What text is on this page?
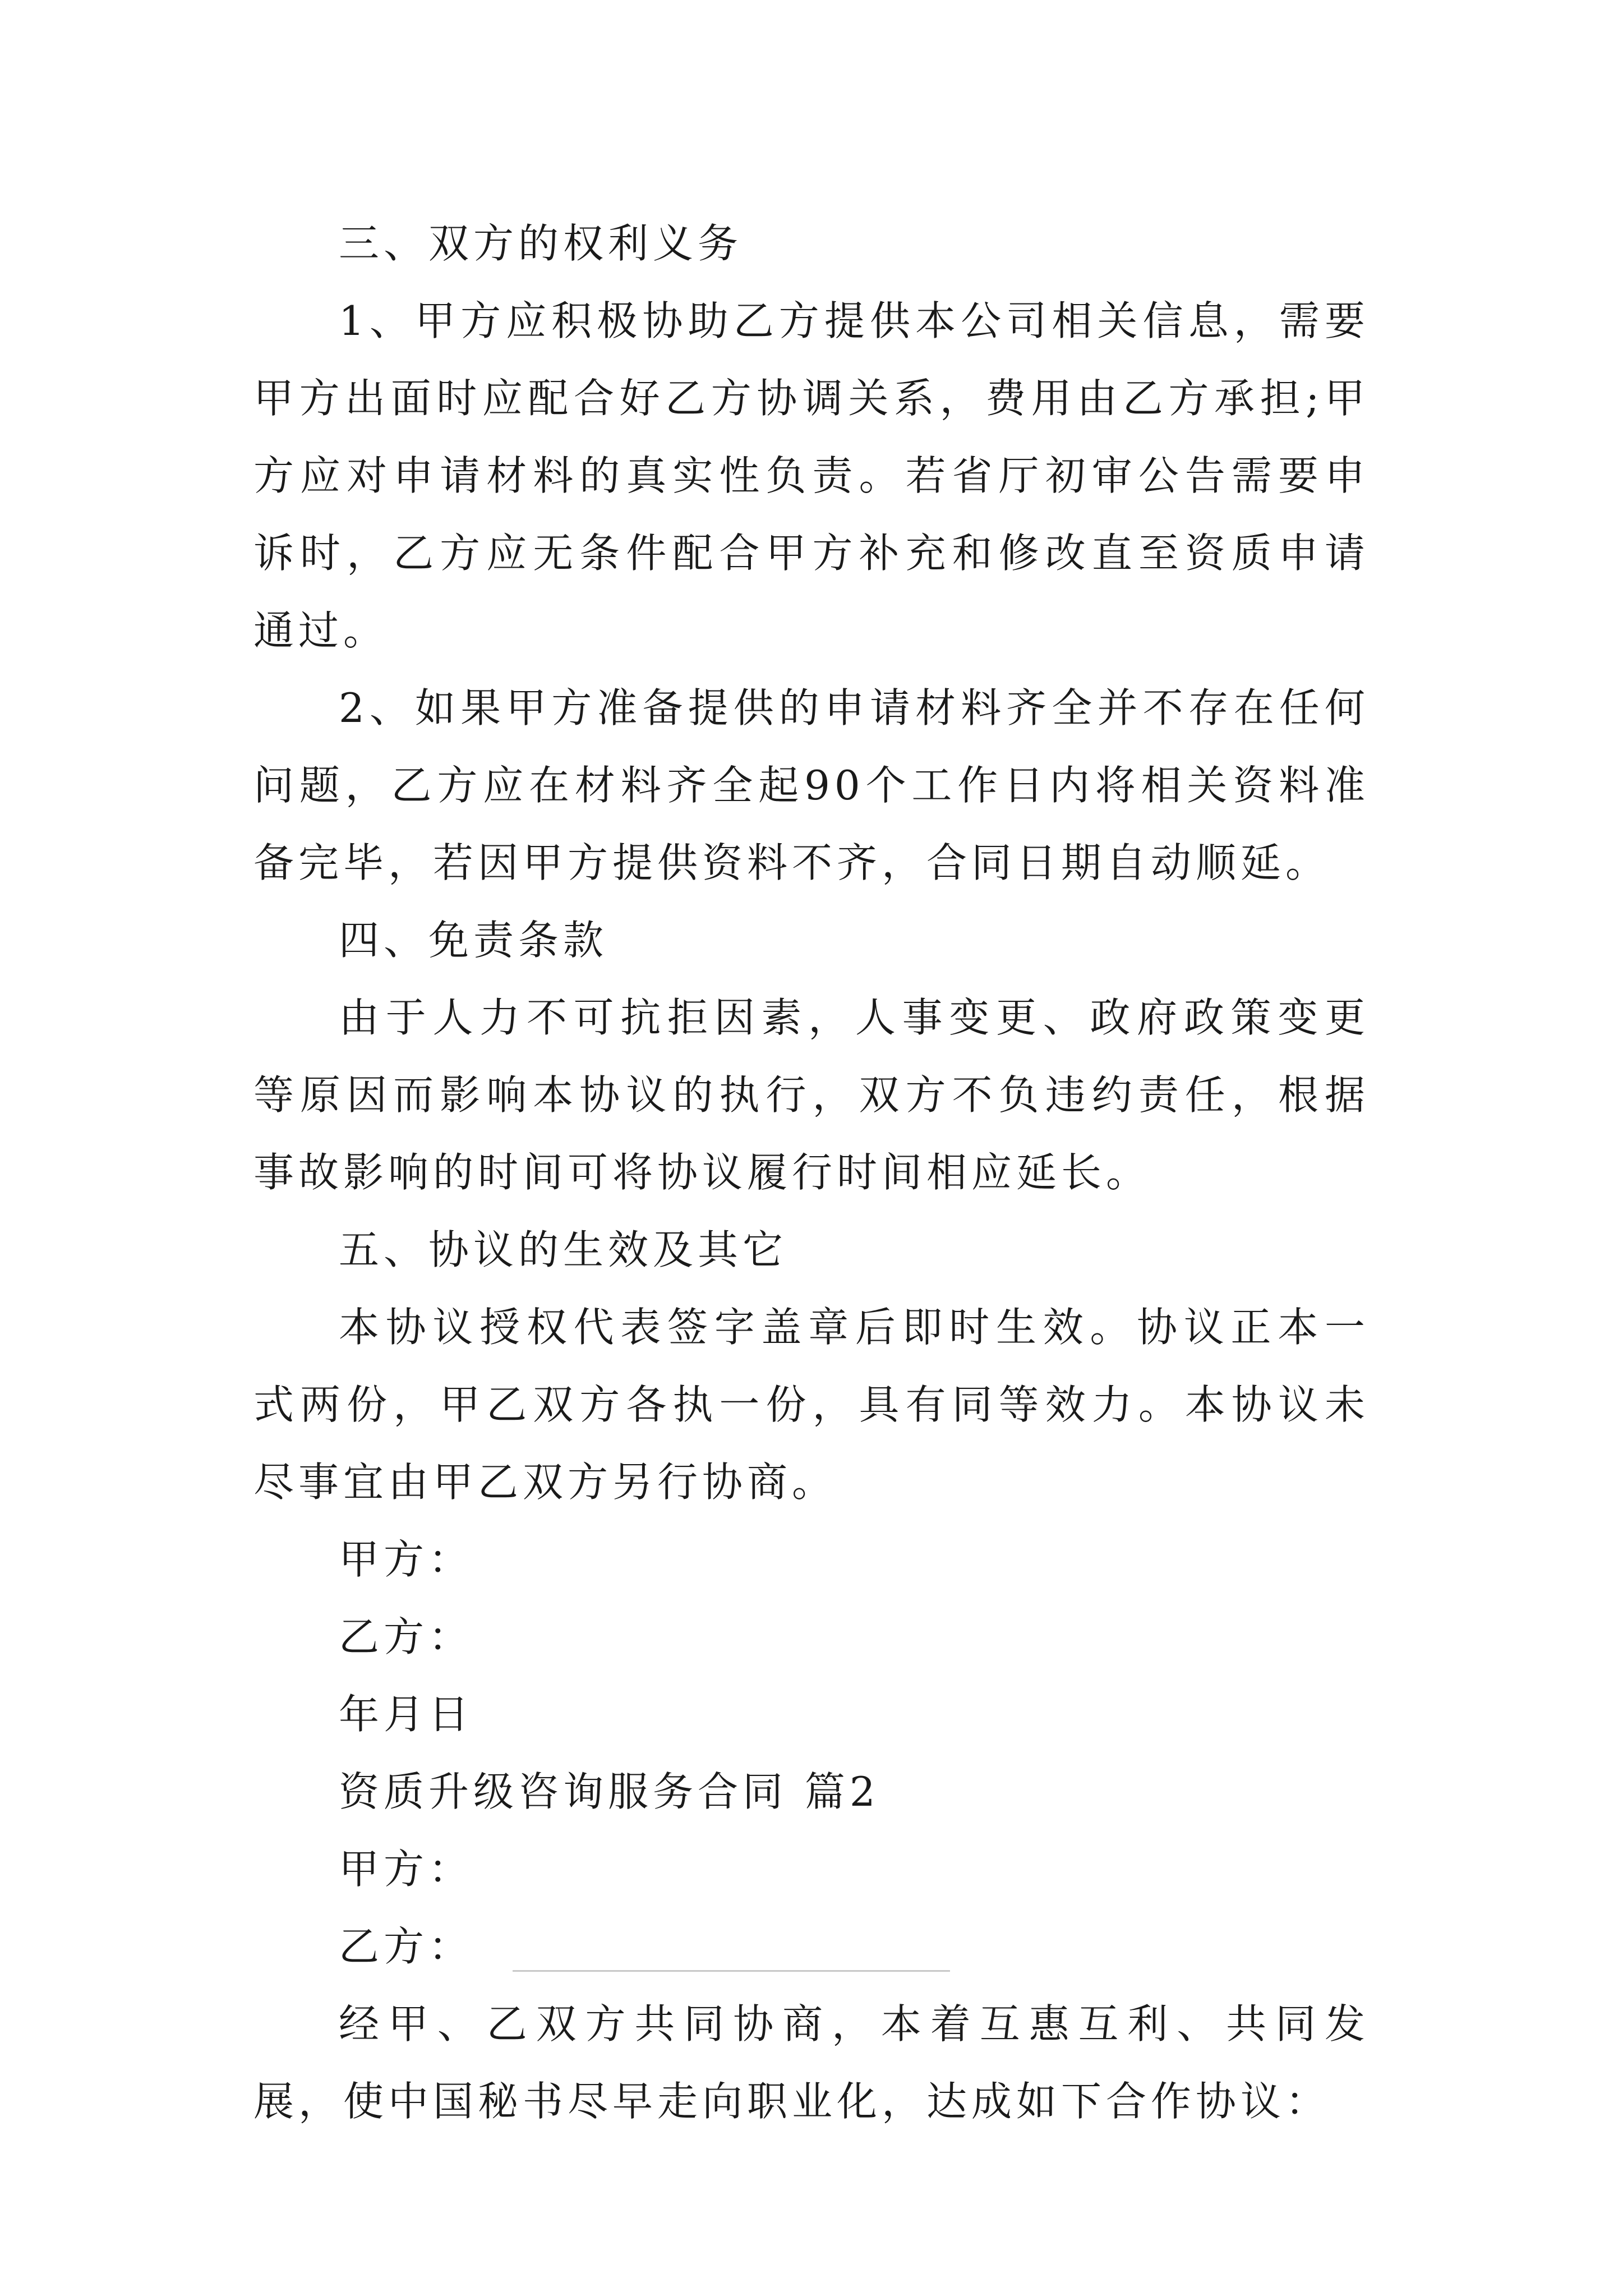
三、双方的权利义务

1、甲方应积极协助乙方提供本公司相关信息，需要甲方出面时应配合好乙方协调关系，费用由乙方承担;甲方应对申请材料的真实性负责。若省厅初审公告需要申诉时，乙方应无条件配合甲方补充和修改直至资质申请通过。

2、如果甲方准备提供的申请材料齐全并不存在任何问题，乙方应在材料齐全起90个工作日内将相关资料准备完毕，若因甲方提供资料不齐，合同日期自动顺延。

四、免责条款

由于人力不可抗拒因素，人事变更、政府政策变更等原因而影响本协议的执行，双方不负违约责任，根据事故影响的时间可将协议履行时间相应延长。

五、协议的生效及其它

本协议授权代表签字盖章后即时生效。协议正本一式两份，甲乙双方各执一份，具有同等效力。本协议未尽事宜由甲乙双方另行协商。

甲方：

乙方：

年月日

资质升级咨询服务合同 篇2

甲方：

乙方：

经甲、乙双方共同协商，本着互惠互利、共同发展，使中国秘书尽早走向职业化，达成如下合作协议：
